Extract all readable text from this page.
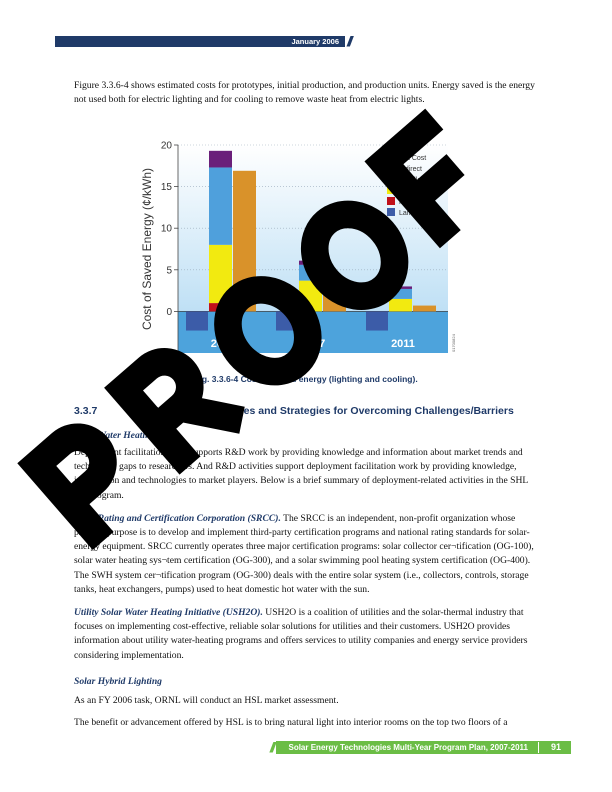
January 2006 ///
Figure 3.3.6-4 shows estimated costs for prototypes, initial production, and production units. Energy saved is the energy not used both for electric lighting and for cooling to remove waste heat from electric lights.
20
15
10
5
0
-5
Cost of Saved Energy (¢/kWh)
2005	2007	2011
Net Cost
Indirect
Installation
System
HSL O&M
Lamp O&M
01700824
Fig. 3.3.6-4 Cost of saved energy (lighting and cooling).
3.3.7	SHL Market Opportunities and Strategies for Overcoming Challenges/Barriers
Solar Water Heating
Deployment facilitation work supports R&D work by providing knowledge and information about market trends and technology gaps to researchers. And R&D activities support deployment facilitation work by providing knowledge, information and technologies to market players. Below is a brief summary of deployment-related activities in the SHL Subprogram.
Solar Rating and Certification Corporation (SRCC). The SRCC is an independent, non-profit organization whose primary purpose is to develop and implement third-party certification programs and national rating standards for solar-energy equipment. SRCC currently operates three major certification programs: solar collector cer¬tification (OG-100), solar water heating sys¬tem certification (OG-300), and a solar swimming pool heating system certification (OG-400). The SWH system cer¬tification program (OG-300) deals with the entire solar system (i.e., collectors, controls, storage tanks, heat exchangers, pumps) used to heat domestic hot water with the sun.
Utility Solar Water Heating Initiative (USH2O). USH2O is a coalition of utilities and the solar-thermal industry that focuses on implementing cost-effective, reliable solar solutions for utilities and their customers. USH2O provides information about utility water-heating programs and offers services to utility companies and energy service providers considering implementation.
Solar Hybrid Lighting
As an FY 2006 task, ORNL will conduct an HSL market assessment.
The benefit or advancement offered by HSL is to bring natural light into interior rooms on the top two floors of a
/// Solar Energy Technologies Multi-Year Program Plan, 2007-2011	91
